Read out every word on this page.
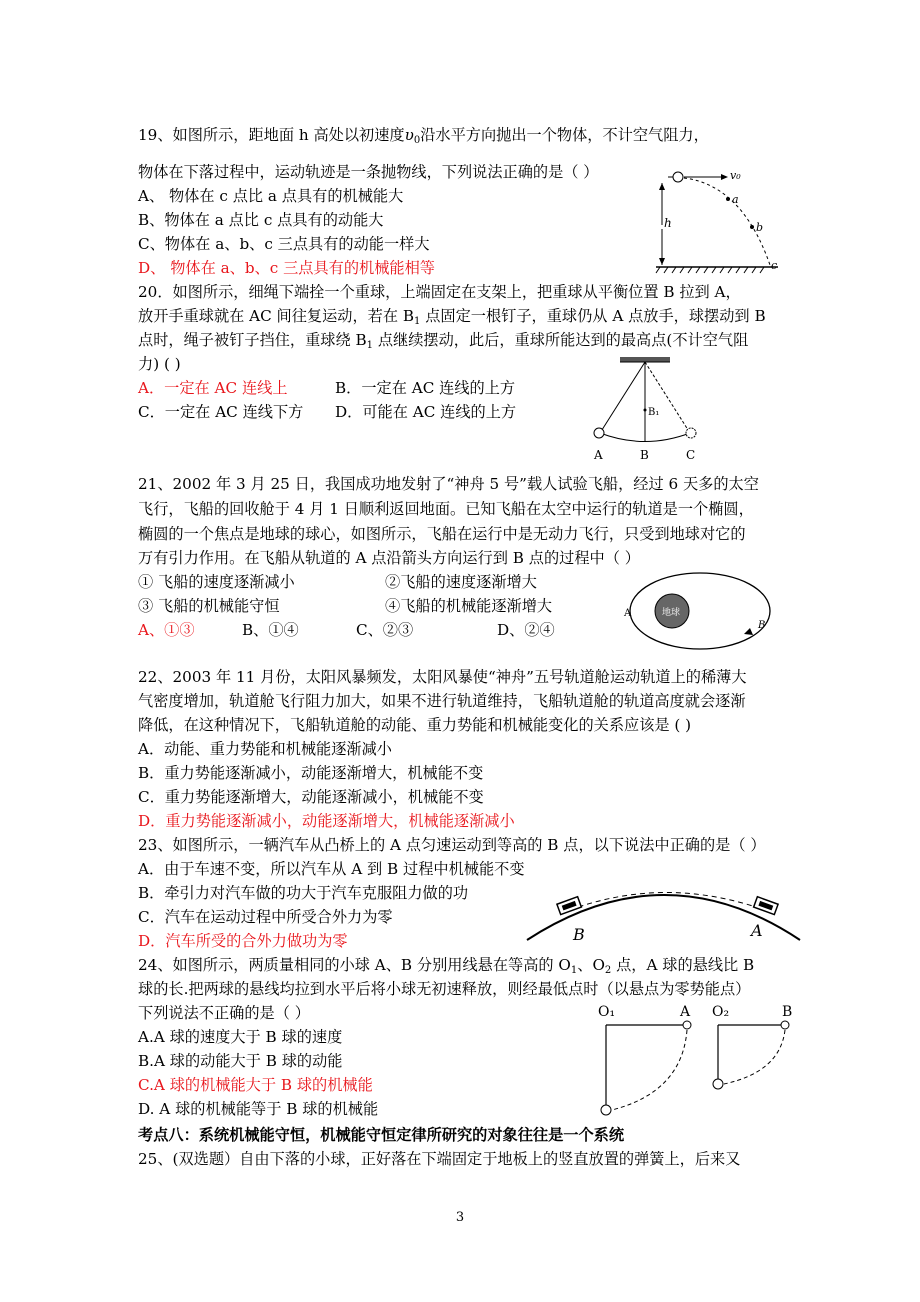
19、如图所示，距地面 h 高处以初速度$\upsilon_0$沿水平方向抛出一个物体，不计空气阻力，
物体在下落过程中，运动轨迹是一条抛物线，下列说法正确的是（ ）
A、 物体在 c 点比 a 点具有的机械能大
B、物体在 a 点比 c 点具有的动能大
C、物体在 a、b、c 三点具有的动能一样大
D、 物体在 a、b、c 三点具有的机械能相等
v₀
h
a
b
c
20．如图所示，细绳下端拴一个重球，上端固定在支架上，把重球从平衡位置 B 拉到 A，
放开手重球就在 AC 间往复运动，若在 $B_1$ 点固定一根钉子，重球仍从 A 点放手，球摆动到 B
点时，绳子被钉子挡住，重球绕 $B_1$ 点继续摆动，此后，重球所能达到的最高点(不计空气阻
力) ( )
A．一定在 AC 连线上	B．一定在 AC 连线的上方
C．一定在 AC 连线下方 D．可能在 AC 连线的上方	B₁
A	B	C
21、2002 年 3 月 25 日，我国成功地发射了“神舟 5 号”载人试验飞船，经过 6 天多的太空
飞行，飞船的回收舱于 4 月 1 日顺利返回地面。已知飞船在太空中运行的轨道是一个椭圆，
椭圆的一个焦点是地球的球心，如图所示，飞船在运行中是无动力飞行，只受到地球对它的
万有引力作用。在飞船从轨道的 A 点沿箭头方向运行到 B 点的过程中（ ）
① 飞船的速度逐渐减小	②飞船的速度逐渐增大
③ 飞船的机械能守恒	④飞船的机械能逐渐增大
A、①③	B、①④	C、②③	D、②④
地球
A
B
22、2003 年 11 月份，太阳风暴频发，太阳风暴使“神舟”五号轨道舱运动轨道上的稀薄大
气密度增加，轨道舱飞行阻力加大，如果不进行轨道维持，飞船轨道舱的轨道高度就会逐渐
降低，在这种情况下，飞船轨道舱的动能、重力势能和机械能变化的关系应该是 ( )
A．动能、重力势能和机械能逐渐减小
B．重力势能逐渐减小，动能逐渐增大，机械能不变
C．重力势能逐渐增大，动能逐渐减小，机械能不变
D．重力势能逐渐减小，动能逐渐增大，机械能逐渐减小
23、如图所示，一辆汽车从凸桥上的 A 点匀速运动到等高的 B 点，以下说法中正确的是（ ）
A．由于车速不变，所以汽车从 A 到 B 过程中机械能不变
B．牵引力对汽车做的功大于汽车克服阻力做的功
C．汽车在运动过程中所受合外力为零
D．汽车所受的合外力做功为零	B	A
24、如图所示，两质量相同的小球 A、B 分别用线悬在等高的 $O_1$、$O_2$ 点，A 球的悬线比 B
球的长.把两球的悬线均拉到水平后将小球无初速释放，则经最低点时（以悬点为零势能点）
下列说法不正确的是（ ）
A.A 球的速度大于 B 球的速度
B.A 球的动能大于 B 球的动能
C.A 球的机械能大于 B 球的机械能
D. A 球的机械能等于 B 球的机械能
O₁	A O₂	B
考点八：系统机械能守恒，机械能守恒定律所研究的对象往往是一个系统
25、(双选题）自由下落的小球，正好落在下端固定于地板上的竖直放置的弹簧上，后来又
3
